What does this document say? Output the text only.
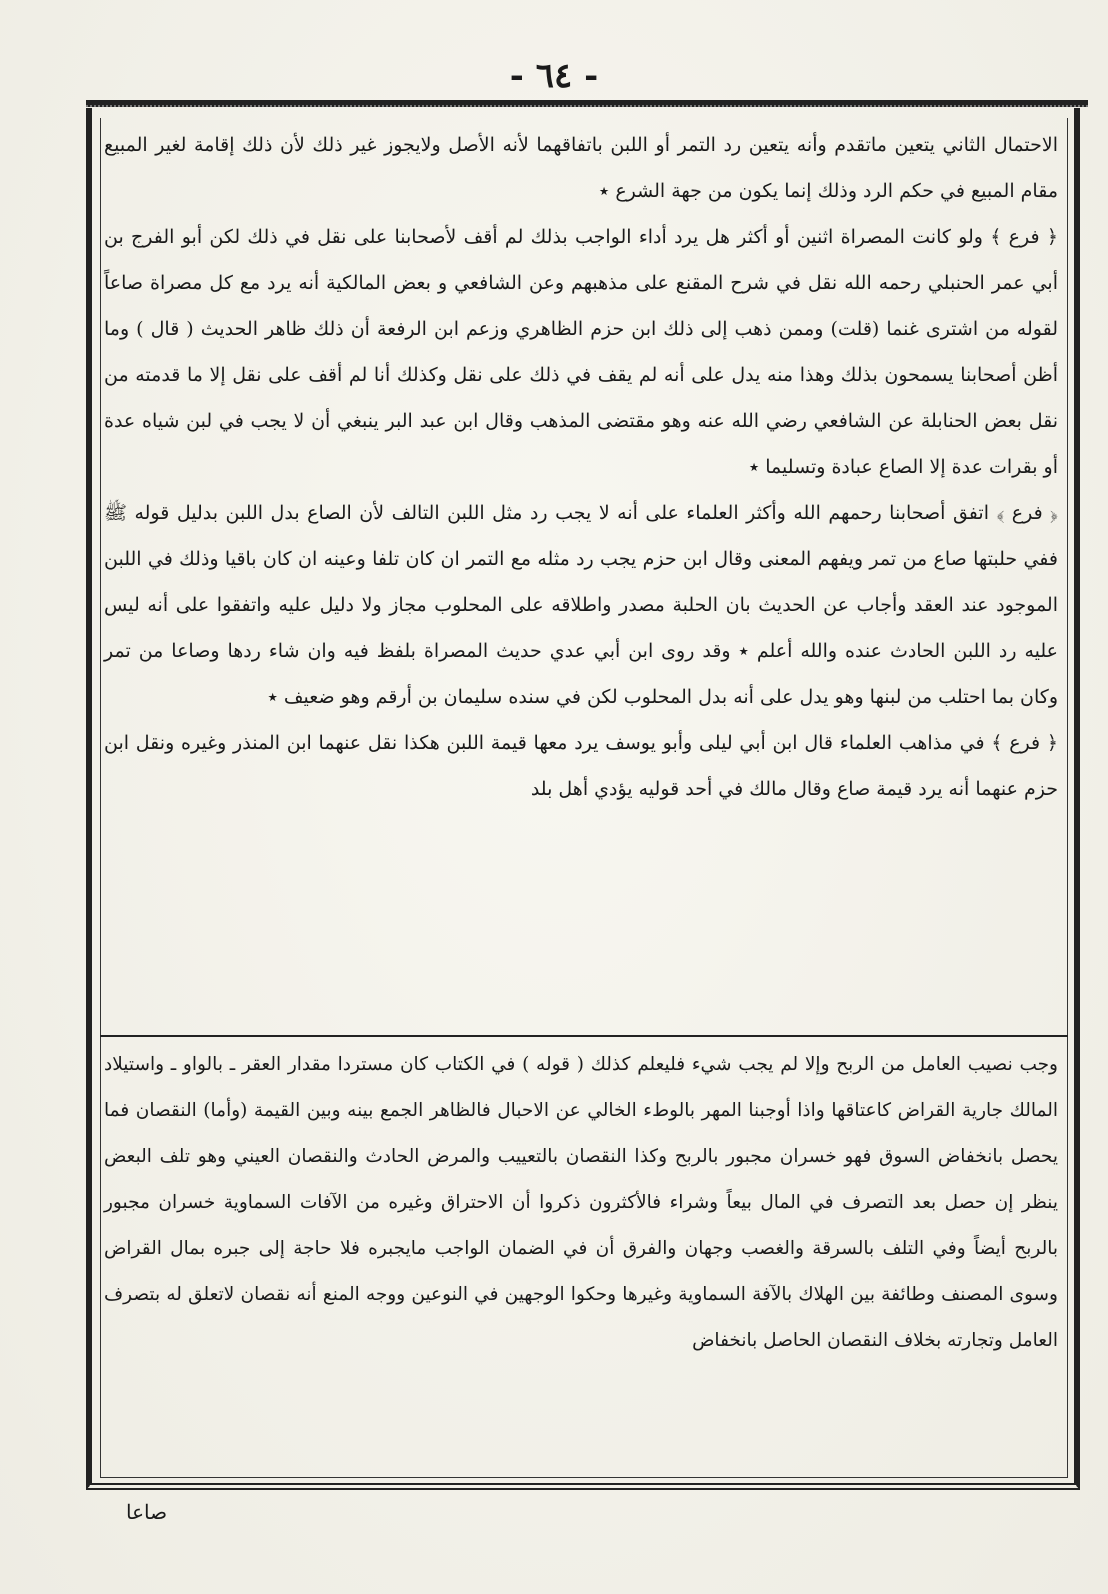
- ٦٤ -

الاحتمال الثاني يتعين ماتقدم وأنه يتعين رد التمر أو اللبن باتفاقهما لأنه الأصل ولايجوز غير ذلك لأن ذلك إقامة لغير المبيع مقام المبيع في حكم الرد وذلك إنما يكون من جهة الشرع ٭

﴿ فرع ﴾ ولو كانت المصراة اثنين أو أكثر هل يرد أداء الواجب بذلك لم أقف لأصحابنا على نقل في ذلك لكن أبو الفرج بن أبي عمر الحنبلي رحمه الله نقل في شرح المقنع على مذهبهم وعن الشافعي و بعض المالكية أنه يرد مع كل مصراة صاعاً لقوله من اشترى غنما (قلت) وممن ذهب إلى ذلك ابن حزم الظاهري وزعم ابن الرفعة أن ذلك ظاهر الحديث ( قال ) وما أظن أصحابنا يسمحون بذلك وهذا منه يدل على أنه لم يقف في ذلك على نقل وكذلك أنا لم أقف على نقل إلا ما قدمته من نقل بعض الحنابلة عن الشافعي رضي الله عنه وهو مقتضى المذهب وقال ابن عبد البر ينبغي أن لا يجب في لبن شياه عدة أو بقرات عدة إلا الصاع عبادة وتسليما ٭

﴿ فرع ﴾ اتفق أصحابنا رحمهم الله وأكثر العلماء على أنه لا يجب رد مثل اللبن التالف لأن الصاع بدل اللبن بدليل قوله ﷺ ففي حلبتها صاع من تمر ويفهم المعنى وقال ابن حزم يجب رد مثله مع التمر ان كان تلفا وعينه ان كان باقيا وذلك في اللبن الموجود عند العقد وأجاب عن الحديث بان الحلبة مصدر واطلاقه على المحلوب مجاز ولا دليل عليه واتفقوا على أنه ليس عليه رد اللبن الحادث عنده والله أعلم ٭ وقد روى ابن أبي عدي حديث المصراة بلفظ فيه وان شاء ردها وصاعا من تمر وكان بما احتلب من لبنها وهو يدل على أنه بدل المحلوب لكن في سنده سليمان بن أرقم وهو ضعيف ٭

﴿ فرع ﴾ في مذاهب العلماء قال ابن أبي ليلى وأبو يوسف يرد معها قيمة اللبن هكذا نقل عنهما ابن المنذر وغيره ونقل ابن حزم عنهما أنه يرد قيمة صاع وقال مالك في أحد قوليه يؤدي أهل بلد

وجب نصيب العامل من الربح وإلا لم يجب شيء فليعلم كذلك ( قوله ) في الكتاب كان مستردا مقدار العقر ـ بالواو ـ واستيلاد المالك جارية القراض كاعتاقها واذا أوجبنا المهر بالوطء الخالي عن الاحبال فالظاهر الجمع بينه وبين القيمة (وأما) النقصان فما يحصل بانخفاض السوق فهو خسران مجبور بالربح وكذا النقصان بالتعييب والمرض الحادث والنقصان العيني وهو تلف البعض ينظر إن حصل بعد التصرف في المال بيعاً وشراء فالأكثرون ذكروا أن الاحتراق وغيره من الآفات السماوية خسران مجبور بالربح أيضاً وفي التلف بالسرقة والغصب وجهان والفرق أن في الضمان الواجب مايجبره فلا حاجة إلى جبره بمال القراض وسوى المصنف وطائفة بين الهلاك بالآفة السماوية وغيرها وحكوا الوجهين في النوعين ووجه المنع أنه نقصان لاتعلق له بتصرف العامل وتجارته بخلاف النقصان الحاصل بانخفاض

صاعا
